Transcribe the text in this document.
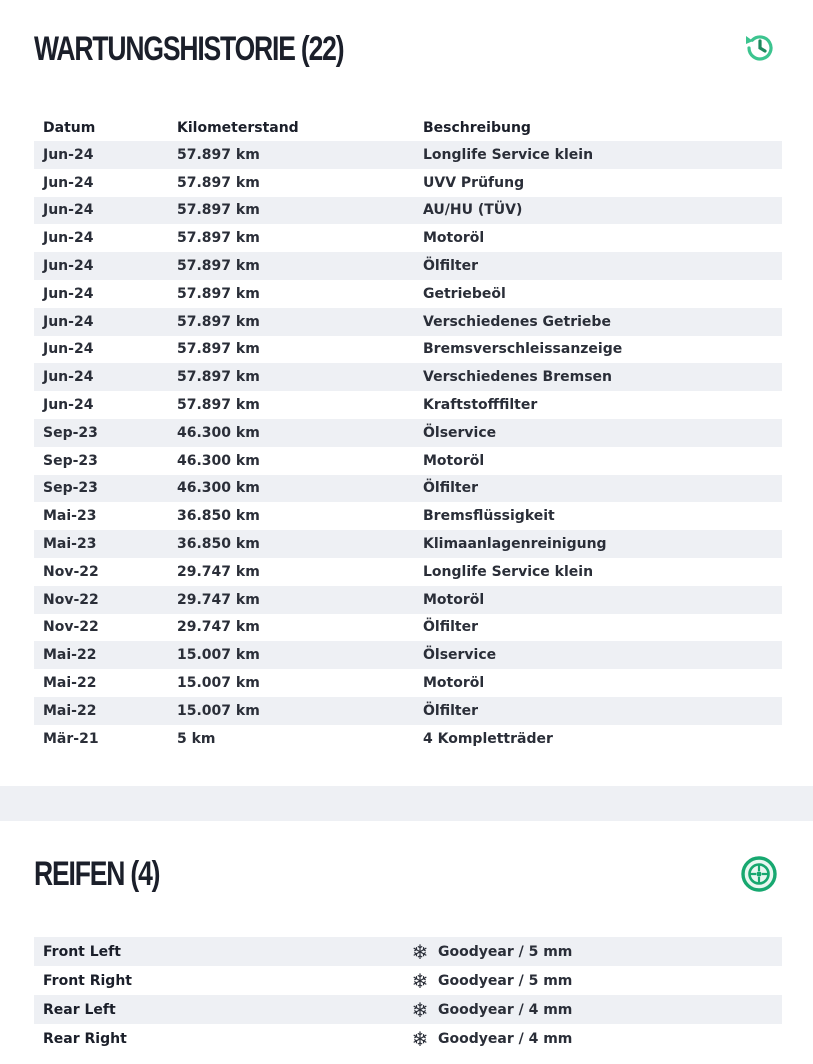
WARTUNGSHISTORIE (22)
Datum	Kilometerstand	Beschreibung
Jun-24	57.897 km	Longlife Service klein
Jun-24	57.897 km	UVV Prüfung
Jun-24	57.897 km	AU/HU (TÜV)
Jun-24	57.897 km	Motoröl
Jun-24	57.897 km	Ölfilter
Jun-24	57.897 km	Getriebeöl
Jun-24	57.897 km	Verschiedenes Getriebe
Jun-24	57.897 km	Bremsverschleissanzeige
Jun-24	57.897 km	Verschiedenes Bremsen
Jun-24	57.897 km	Kraftstofffilter
Sep-23	46.300 km	Ölservice
Sep-23	46.300 km	Motoröl
Sep-23	46.300 km	Ölfilter
Mai-23	36.850 km	Bremsflüssigkeit
Mai-23	36.850 km	Klimaanlagenreinigung
Nov-22	29.747 km	Longlife Service klein
Nov-22	29.747 km	Motoröl
Nov-22	29.747 km	Ölfilter
Mai-22	15.007 km	Ölservice
Mai-22	15.007 km	Motoröl
Mai-22	15.007 km	Ölfilter
Mär-21	5 km	4 Kompletträder
REIFEN (4)
Front Left	❄	Goodyear / 5 mm
Front Right	❄	Goodyear / 5 mm
Rear Left	❄	Goodyear / 4 mm
Rear Right	❄	Goodyear / 4 mm
